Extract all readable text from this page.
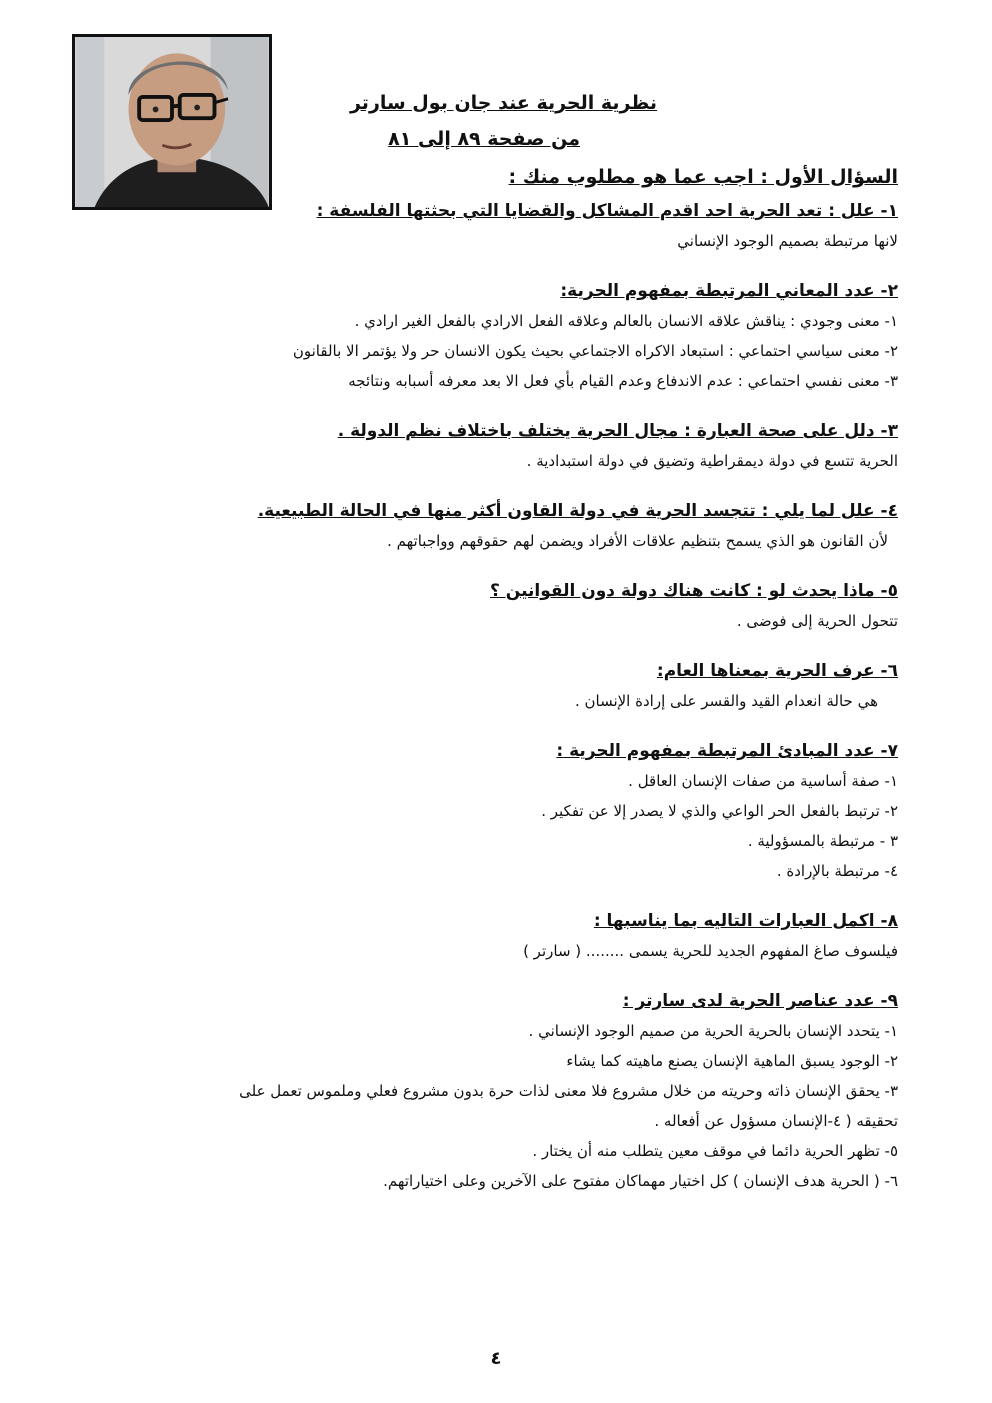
نظرية الحرية عند جان بول سارتر
من صفحة ٨٩ إلى ٨١
السؤال الأول : اجب عما هو مطلوب منك :
١- علل : تعد الحرية احد اقدم المشاكل والقضايا التي بحثتها الفلسفة :
لانها مرتبطة بصميم الوجود الإنساني
٢- عدد المعاني المرتبطة بمفهوم الحرية:
١- معنى وجودي : يناقش علاقه الانسان بالعالم وعلاقه الفعل الارادي بالفعل الغير ارادي .
٢- معنى سياسي احتماعي : استبعاد الاكراه الاجتماعي بحيث يكون الانسان حر ولا يؤتمر الا بالقانون
٣- معنى نفسي احتماعي : عدم الاندفاع وعدم القيام بأي فعل الا بعد معرفه أسبابه ونتائجه
٣- دلل على صحة العبارة : مجال الحرية يختلف باختلاف نظم الدولة .
الحرية تتسع في دولة ديمقراطية وتضيق في دولة استبدادية .
٤- علل لما يلي : تتجسد الحرية في دولة القاون أكثر منها في الحالة الطبيعية.
لأن القانون هو الذي يسمح بتنظيم علاقات الأفراد ويضمن لهم حقوقهم وواجباتهم .
٥- ماذا يحدث لو : كانت هناك دولة دون القوانين ؟
تتحول الحرية إلى فوضى .
٦- عرف الحرية بمعناها العام:
هي حالة انعدام القيد والقسر على إرادة الإنسان .
٧- عدد المبادئ المرتبطة بمفهوم الحرية :
١- صفة أساسية من صفات الإنسان العاقل .
٢- ترتبط بالفعل الحر الواعي والذي لا يصدر إلا عن تفكير .
٣ - مرتبطة بالمسؤولية .
٤- مرتبطة بالإرادة .
٨- اكمل العبارات التاليه بما يناسبها :
فيلسوف صاغ المفهوم الجديد للحرية يسمى ........ ( سارتر )
٩- عدد عناصر الحرية لدى سارتر :
١- يتحدد الإنسان بالحرية الحرية من صميم الوجود الإنساني .
٢- الوجود يسبق الماهية الإنسان يصنع ماهيته كما يشاء
٣- يحقق الإنسان ذاته وحريته من خلال مشروع فلا معنى لذات حرة بدون مشروع فعلي وملموس تعمل على
تحقيقه ( ٤-الإنسان مسؤول عن أفعاله .
٥- تظهر الحرية دائما في موقف معين يتطلب منه أن يختار .
٦- ( الحرية هدف الإنسان ) كل اختيار مهماكان مفتوح على الآخرين وعلى اختياراتهم.
٤
